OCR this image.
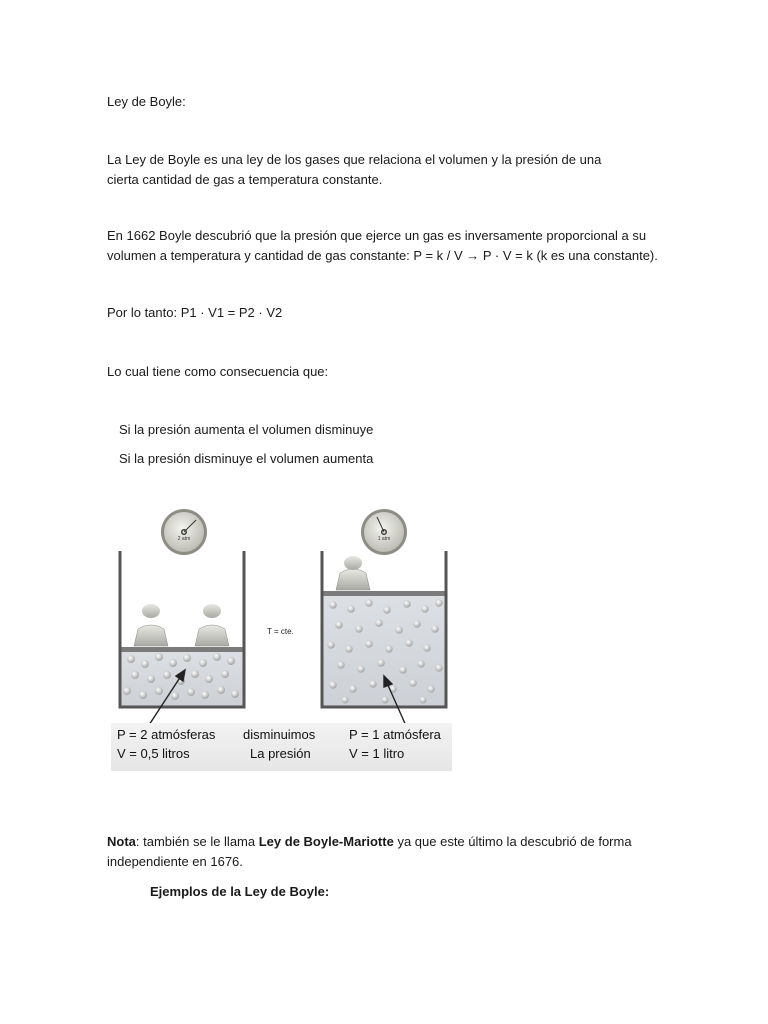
Ley de Boyle:

La Ley de Boyle es una ley de los gases que relaciona el volumen y la presión de una cierta cantidad de gas a temperatura constante.

En 1662 Boyle descubrió que la presión que ejerce un gas es inversamente proporcional a su

volumen a temperatura y cantidad de gas constante: P = k / V → P · V = k (k es una constante).

Por lo tanto: P1 · V1 = P2 · V2

Lo cual tiene como consecuencia que:

Si la presión aumenta el volumen disminuye

Si la presión disminuye el volumen aumenta

2 atm	1 atm
T = cte.
P = 2 atmósferas
V = 0,5 litros
disminuimos
La presión
P = 1 atmósfera
V = 1 litro

Nota: también se le llama Ley de Boyle-Mariotte ya que este último la descubrió de forma

independiente en 1676.

Ejemplos de la Ley de Boyle:
